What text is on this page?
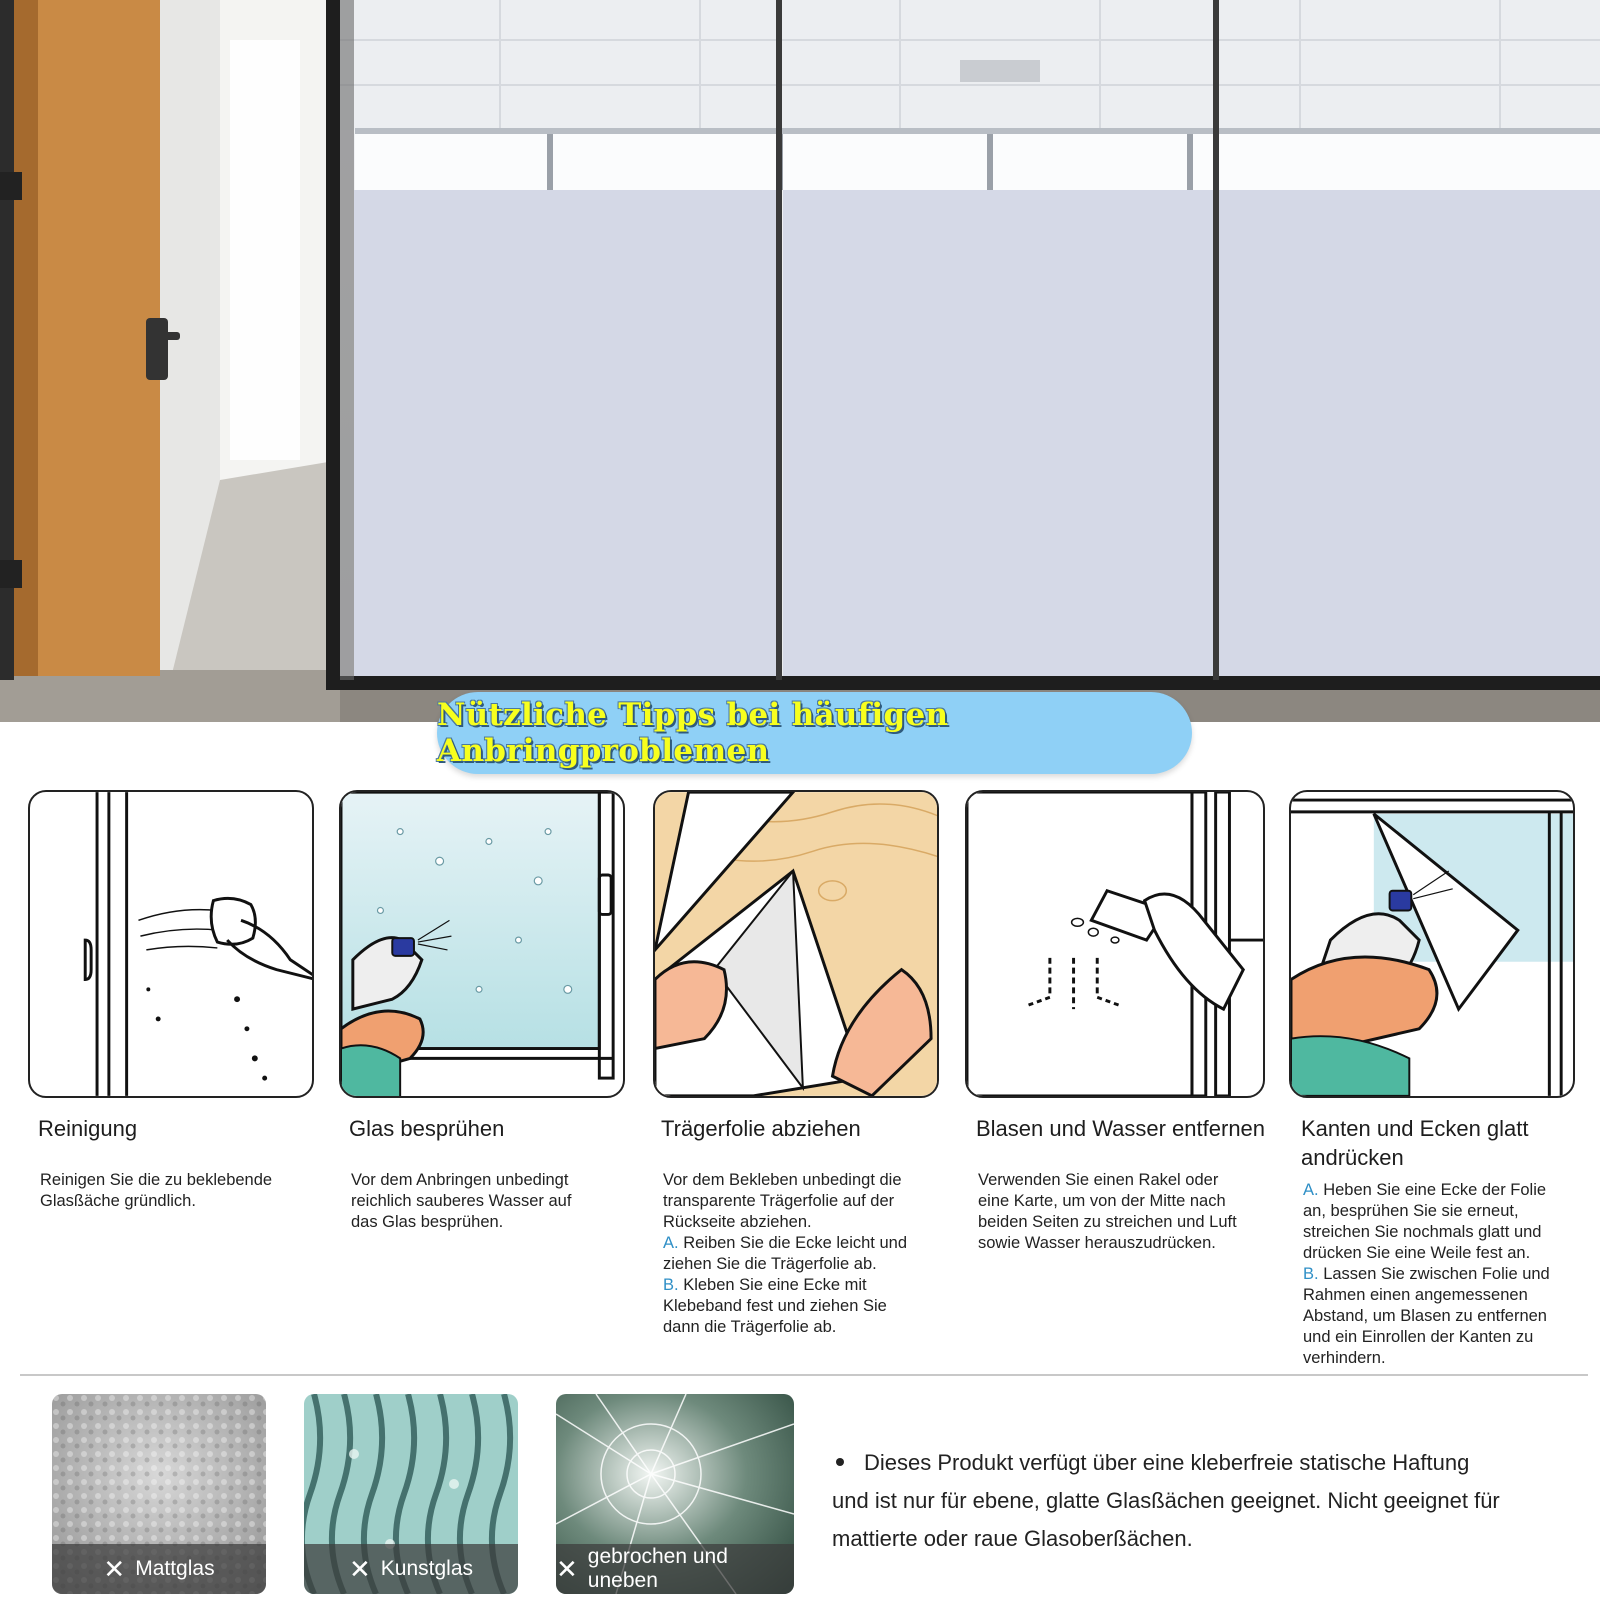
Nützliche Tipps bei häufigen Anbringproblemen
Reinigung

Reinigen Sie die zu beklebende Glasßäche gründlich.

Glas besprühen

Vor dem Anbringen unbedingt reichlich sauberes Wasser auf das Glas besprühen.

Trägerfolie abziehen

Vor dem Bekleben unbedingt die transparente Trägerfolie auf der Rückseite abziehen.

A. Reiben Sie die Ecke leicht und ziehen Sie die Trägerfolie ab.

B. Kleben Sie eine Ecke mit Klebeband fest und ziehen Sie dann die Trägerfolie ab.

Blasen und Wasser entfernen

Verwenden Sie einen Rakel oder eine Karte, um von der Mitte nach beiden Seiten zu streichen und Luft sowie Wasser herauszudrücken.

Kanten und Ecken glatt andrücken

A. Heben Sie eine Ecke der Folie an, besprühen Sie sie erneut, streichen Sie nochmals glatt und drücken Sie eine Weile fest an.

B. Lassen Sie zwischen Folie und Rahmen einen angemessenen Abstand, um Blasen zu entfernen und ein Einrollen der Kanten zu verhindern.

✕ Mattglas	✕ Kunstglas	✕ gebrochen und uneben
Dieses Produkt verfügt über eine kleberfreie statische Haftung und ist nur für ebene, glatte Glasßächen geeignet. Nicht geeignet für mattierte oder raue Glasoberßächen.
